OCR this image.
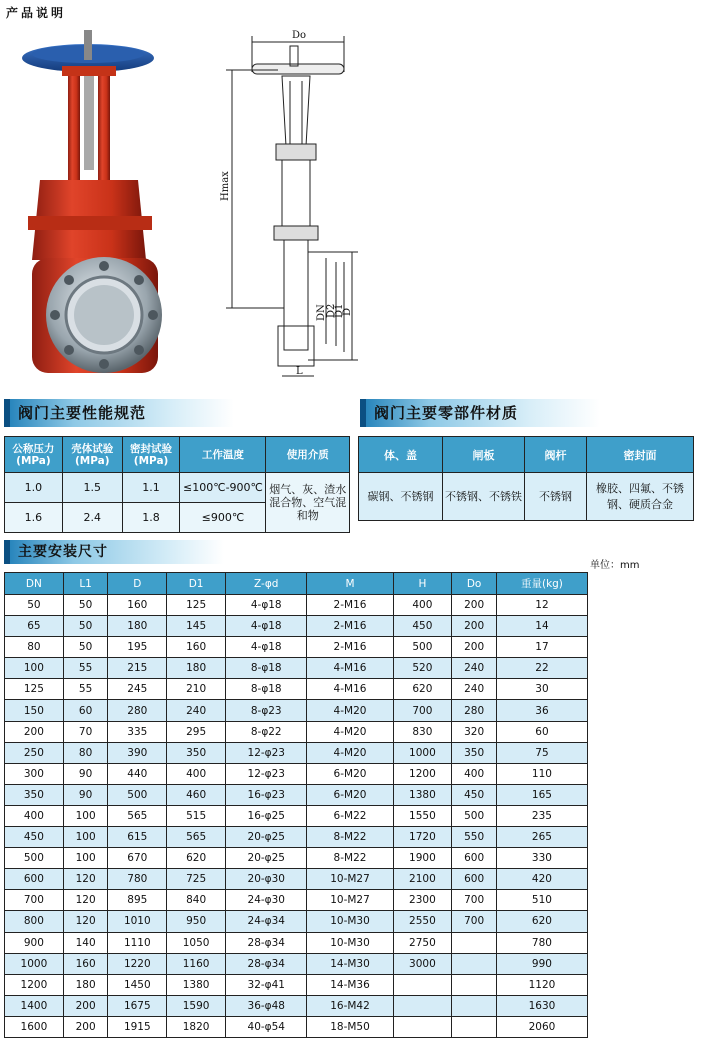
产品说明
Do
Hmax
DN D2
D1
D
L
阀门主要性能规范	阀门主要零部件材质
公称压力(MPa)	壳体试验(MPa)	密封试验(MPa)	工作温度	使用介质
1.0	1.5	1.1	≤100℃-900℃	烟气、灰、渣水混合物、空气混和物
1.6	2.4	1.8	≤900℃	
体、盖	闸板	阀杆	密封面
碳钢、不锈钢	不锈钢、不锈铁	不锈钢	橡胶、四氟、不锈钢、硬质合金
主要安装尺寸
单位：mm
DN	L1	D	D1	Z-φd	M	H	Do	重量(kg)
50	50	160	125	4-φ18	2-M16	400	200	12
65	50	180	145	4-φ18	2-M16	450	200	14
80	50	195	160	4-φ18	2-M16	500	200	17
100	55	215	180	8-φ18	4-M16	520	240	22
125	55	245	210	8-φ18	4-M16	620	240	30
150	60	280	240	8-φ23	4-M20	700	280	36
200	70	335	295	8-φ22	4-M20	830	320	60
250	80	390	350	12-φ23	4-M20	1000	350	75
300	90	440	400	12-φ23	6-M20	1200	400	110
350	90	500	460	16-φ23	6-M20	1380	450	165
400	100	565	515	16-φ25	6-M22	1550	500	235
450	100	615	565	20-φ25	8-M22	1720	550	265
500	100	670	620	20-φ25	8-M22	1900	600	330
600	120	780	725	20-φ30	10-M27	2100	600	420
700	120	895	840	24-φ30	10-M27	2300	700	510
800	120	1010	950	24-φ34	10-M30	2550	700	620
900	140	1110	1050	28-φ34	10-M30	2750		780
1000	160	1220	1160	28-φ34	14-M30	3000		990
1200	180	1450	1380	32-φ41	14-M36			1120
1400	200	1675	1590	36-φ48	16-M42			1630
1600	200	1915	1820	40-φ54	18-M50			2060
